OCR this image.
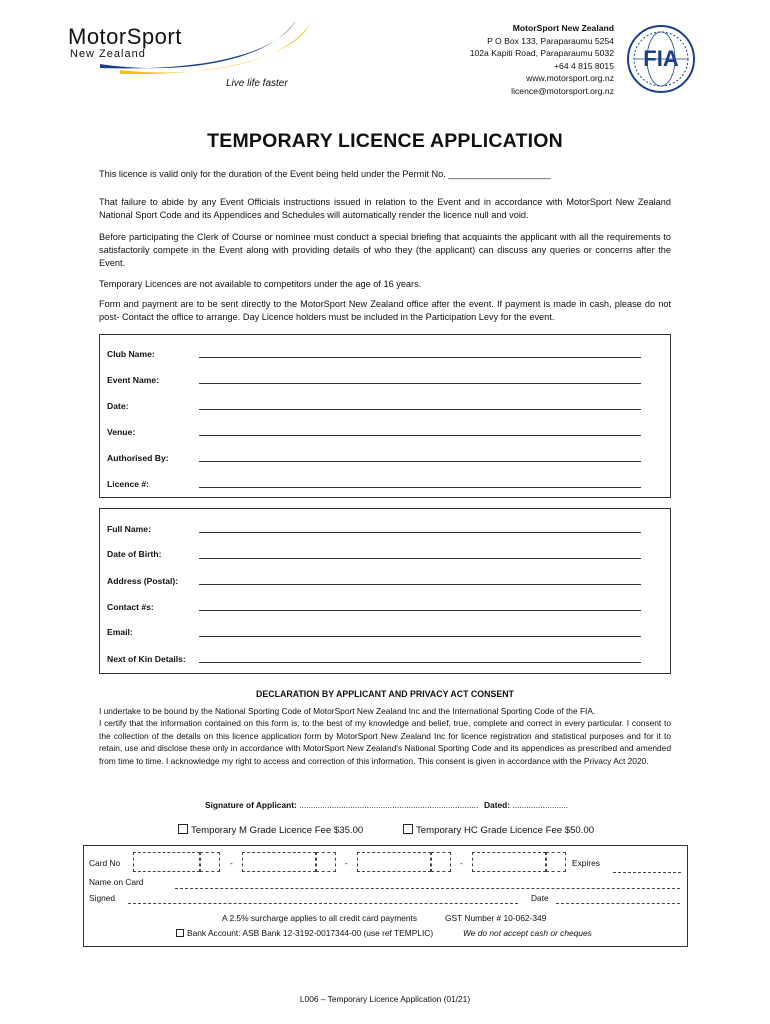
MotorSport
New Zealand
Live life faster
MotorSport New Zealand
P O Box 133, Paraparaumu 5254
102a Kapiti Road, Paraparaumu 5032
+64 4 815 8015
www.motorsport.org.nz
licence@motorsport.org.nz
FIA
TEMPORARY LICENCE APPLICATION
This licence is valid only for the duration of the Event being held under the Permit No. ____________________
That failure to abide by any Event Officials instructions issued in relation to the Event and in accordance with MotorSport New Zealand National Sport Code and its Appendices and Schedules will automatically render the licence null and void.
Before participating the Clerk of Course or nominee must conduct a special briefing that acquaints the applicant with all the requirements to satisfactorily compete in the Event along with providing details of who they (the applicant) can discuss any queries or concerns after the Event.
Temporary Licences are not available to competitors under the age of 16 years.
Form and payment are to be sent directly to the MotorSport New Zealand office after the event. If payment is made in cash, please do not post- Contact the office to arrange. Day Licence holders must be included in the Participation Levy for the event.
Club Name:
Event Name:
Date:
Venue:
Authorised By:
Licence #:
Full Name:
Date of Birth:
Address (Postal):
Contact #s:
Email:
Next of Kin Details:
DECLARATION BY APPLICANT AND PRIVACY ACT CONSENT
I undertake to be bound by the National Sporting Code of MotorSport New Zealand Inc and the International Sporting Code of the FIA.
I certify that the information contained on this form is, to the best of my knowledge and belief, true, complete and correct in every particular. I consent to the collection of the details on this licence application form by MotorSport New Zealand Inc for licence registration and statistical purposes and for it to retain, use and disclose these only in accordance with MotorSport New Zealand's National Sporting Code and its appendices as prescribed and amended from time to time. I acknowledge my right to access and correction of this information. This consent is given in accordance with the Privacy Act 2020.
Signature of Applicant: ............................................................................. Dated: ........................
Temporary M Grade Licence Fee $35.00	Temporary HC Grade Licence Fee $50.00
Card No	-	-	-	Expires
Name on Card
Signed	Date
A 2.5% surcharge applies to all credit card payments	GST Number # 10-062-349
Bank Account: ASB Bank 12-3192-0017344-00 (use ref TEMPLIC)	We do not accept cash or cheques
L006 – Temporary Licence Application (01/21)
